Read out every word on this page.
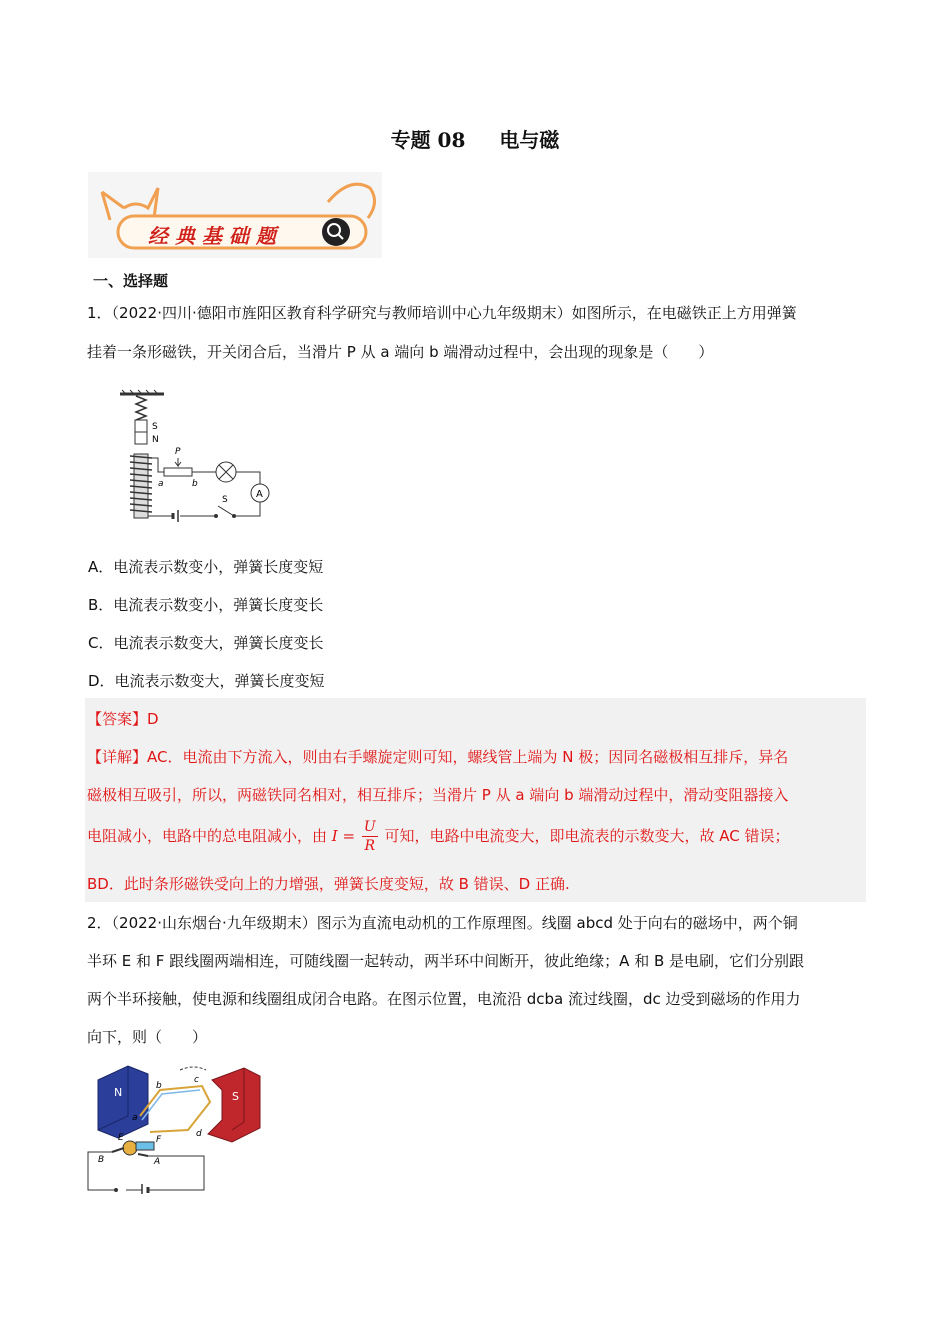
专题 08 电与磁
经 典 基 础 题
一、选择题
1．（2022·四川·德阳市旌阳区教育科学研究与教师培训中心九年级期末）如图所示，在电磁铁正上方用弹簧
挂着一条形磁铁，开关闭合后，当滑片 P 从 a 端向 b 端滑动过程中，会出现的现象是（　　）
S
N
P
a	b
A
S
A．电流表示数变小，弹簧长度变短
B．电流表示数变小，弹簧长度变长
C．电流表示数变大，弹簧长度变长
D．电流表示数变大，弹簧长度变短
【答案】D
【详解】AC．电流由下方流入，则由右手螺旋定则可知，螺线管上端为 N 极；因同名磁极相互排斥，异名
磁极相互吸引，所以，两磁铁同名相对，相互排斥；当滑片 P 从 a 端向 b 端滑动过程中，滑动变阻器接入
电阻减小，电路中的总电阻减小，由 $I = \frac{U}{R}$ 可知，电路中电流变大，即电流表的示数变大，故 AC 错误；
BD．此时条形磁铁受向上的力增强，弹簧长度变短，故 B 错误、D 正确.
2．（2022·山东烟台·九年级期末）图示为直流电动机的工作原理图。线圈 abcd 处于向右的磁场中，两个铜
半环 E 和 F 跟线圈两端相连，可随线圈一起转动，两半环中间断开，彼此绝缘；A 和 B 是电刷，它们分别跟
两个半环接触，使电源和线圈组成闭合电路。在图示位置，电流沿 dcba 流过线圈，dc 边受到磁场的作用力
向下，则（　　）
N	S
b
c
a
d
E	F
B	A
